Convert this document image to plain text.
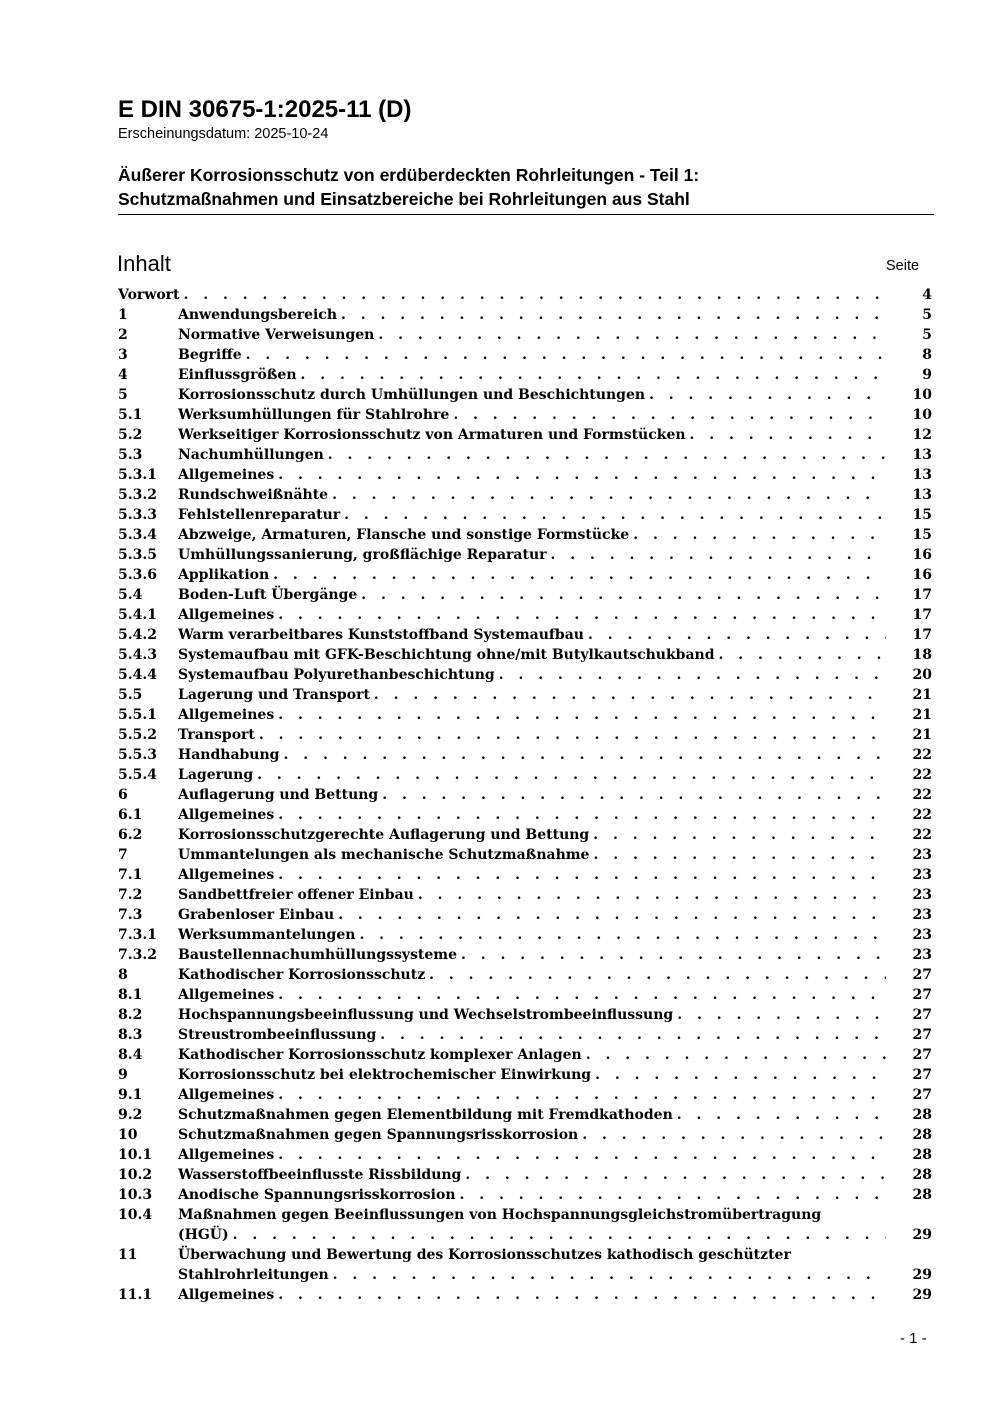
E DIN 30675-1:2025-11 (D)
Erscheinungsdatum: 2025-10-24
Äußerer Korrosionsschutz von erdüberdeckten Rohrleitungen - Teil 1:
Schutzmaßnahmen und Einsatzbereiche bei Rohrleitungen aus Stahl
Inhalt	Seite
Vorwort . . .	4
1	Anwendungsbereich . . .	5
2	Normative Verweisungen . . .	5
3	Begriffe . . .	8
4	Einflussgrößen . . .	9
5	Korrosionsschutz durch Umhüllungen und Beschichtungen . . .	10
5.1	Werksumhüllungen für Stahlrohre . . .	10
5.2	Werkseitiger Korrosionsschutz von Armaturen und Formstücken . . .	12
5.3	Nachumhüllungen . . .	13
5.3.1	Allgemeines . . .	13
5.3.2	Rundschweißnähte . . .	13
5.3.3	Fehlstellenreparatur . . .	15
5.3.4	Abzweige, Armaturen, Flansche und sonstige Formstücke . . .	15
5.3.5	Umhüllungssanierung, großflächige Reparatur . . .	16
5.3.6	Applikation . . .	16
5.4	Boden-Luft Übergänge . . .	17
5.4.1	Allgemeines . . .	17
5.4.2	Warm verarbeitbares Kunststoffband Systemaufbau . . .	17
5.4.3	Systemaufbau mit GFK-Beschichtung ohne/mit Butylkautschukband . . .	18
5.4.4	Systemaufbau Polyurethanbeschichtung . . .	20
5.5	Lagerung und Transport . . .	21
5.5.1	Allgemeines . . .	21
5.5.2	Transport . . .	21
5.5.3	Handhabung . . .	22
5.5.4	Lagerung . . .	22
6	Auflagerung und Bettung . . .	22
6.1	Allgemeines . . .	22
6.2	Korrosionsschutzgerechte Auflagerung und Bettung . . .	22
7	Ummantelungen als mechanische Schutzmaßnahme . . .	23
7.1	Allgemeines . . .	23
7.2	Sandbettfreier offener Einbau . . .	23
7.3	Grabenloser Einbau . . .	23
7.3.1	Werksummantelungen . . .	23
7.3.2	Baustellennachumhüllungssysteme . . .	23
8	Kathodischer Korrosionsschutz . . .	27
8.1	Allgemeines . . .	27
8.2	Hochspannungsbeeinflussung und Wechselstrombeeinflussung . . .	27
8.3	Streustrombeeinflussung . . .	27
8.4	Kathodischer Korrosionsschutz komplexer Anlagen . . .	27
9	Korrosionsschutz bei elektrochemischer Einwirkung . . .	27
9.1	Allgemeines . . .	27
9.2	Schutzmaßnahmen gegen Elementbildung mit Fremdkathoden . . .	28
10	Schutzmaßnahmen gegen Spannungsrisskorrosion . . .	28
10.1	Allgemeines . . .	28
10.2	Wasserstoffbeeinflusste Rissbildung . . .	28
10.3	Anodische Spannungsrisskorrosion . . .	28
10.4	Maßnahmen gegen Beeinflussungen von Hochspannungsgleichstromübertragung
(HGÜ) . . .	29
11	Überwachung und Bewertung des Korrosionsschutzes kathodisch geschützter
Stahlrohrleitungen . . .	29
11.1	Allgemeines . . .	29
- 1 -
